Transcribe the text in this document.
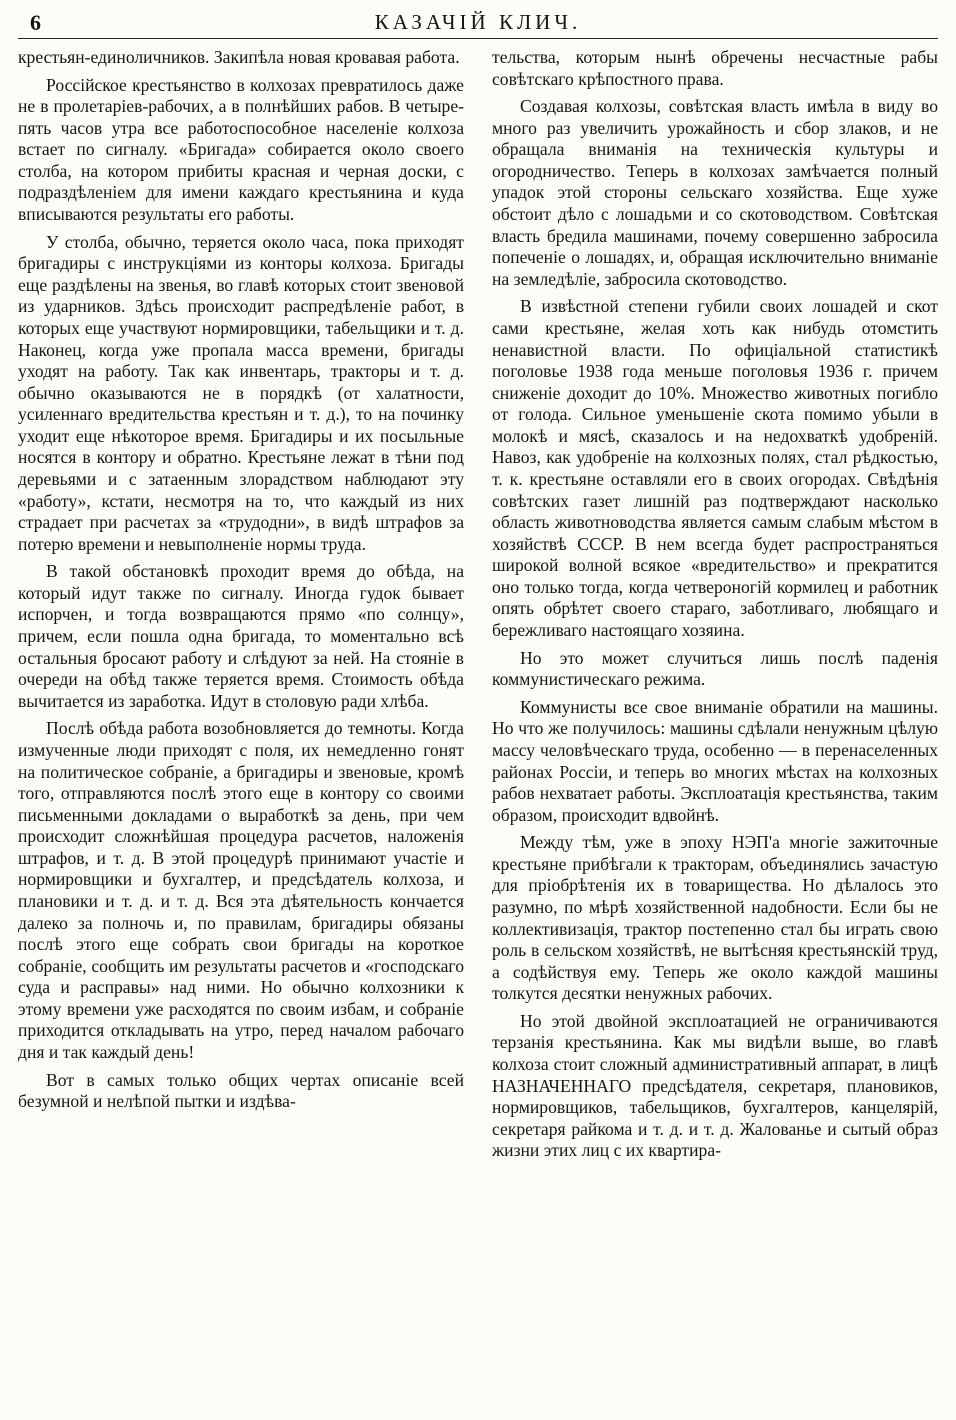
6	КАЗАЧІЙ КЛИЧ.

крестьян-единоличников. Закипѣла новая кровавая работа.

Россійское крестьянство в колхозах превратилось даже не в пролетаріев-рабочих, а в полнѣйших рабов. В четыре-пять часов утра все работоспособное населеніе колхоза встает по сигналу. «Бригада» собирается около своего столба, на котором прибиты красная и черная доски, с подраздѣленіем для имени каждаго крестьянина и куда вписываются результаты его работы.

У столба, обычно, теряется около часа, пока приходят бригадиры с инструкціями из конторы колхоза. Бригады еще раздѣлены на звенья, во главѣ которых стоит звеновой из ударников. Здѣсь происходит распредѣленіе работ, в которых еще участвуют нормировщики, табельщики и т. д. Наконец, когда уже пропала масса времени, бригады уходят на работу. Так как инвентарь, тракторы и т. д. обычно оказываются не в порядкѣ (от халатности, усиленнаго вредительства крестьян и т. д.), то на починку уходит еще нѣкоторое время. Бригадиры и их посыльные носятся в контору и обратно. Крестьяне лежат в тѣни под деревьями и с затаенным злорадством наблюдают эту «работу», кстати, несмотря на то, что каждый из них страдает при расчетах за «трудодни», в видѣ штрафов за потерю времени и невыполненіе нормы труда.

В такой обстановкѣ проходит время до обѣда, на который идут также по сигналу. Иногда гудок бывает испорчен, и тогда возвращаются прямо «по солнцу», причем, если пошла одна бригада, то моментально всѣ остальныя бросают работу и слѣдуют за ней. На стояніе в очереди на обѣд также теряется время. Стоимость обѣда вычитается из заработка. Идут в столовую ради хлѣба.

Послѣ обѣда работа возобновляется до темноты. Когда измученные люди приходят с поля, их немедленно гонят на политическое собраніе, а бригадиры и звеновые, кромѣ того, отправляются послѣ этого еще в контору со своими письменными докладами о выработкѣ за день, при чем происходит сложнѣйшая процедура расчетов, наложенія штрафов, и т. д. В этой процедурѣ принимают участіе и нормировщики и бухгалтер, и предсѣдатель колхоза, и плановики и т. д. и т. д. Вся эта дѣятельность кончается далеко за полночь и, по правилам, бригадиры обязаны послѣ этого еще собрать свои бригады на короткое собраніе, сообщить им результаты расчетов и «господскаго суда и расправы» над ними. Но обычно колхозники к этому времени уже расходятся по своим избам, и собраніе приходится откладывать на утро, перед началом рабочаго дня и так каждый день!

Вот в самых только общих чертах описаніе всей безумной и нелѣпой пытки и издѣва-

тельства, которым нынѣ обречены несчастные рабы совѣтскаго крѣпостного права.

Создавая колхозы, совѣтская власть имѣла в виду во много раз увеличить урожайность и сбор злаков, и не обращала вниманія на техническія культуры и огородничество. Теперь в колхозах замѣчается полный упадок этой стороны сельскаго хозяйства. Еще хуже обстоит дѣло с лошадьми и со скотоводством. Совѣтская власть бредила машинами, почему совершенно забросила попеченіе о лошадях, и, обращая исключительно вниманіе на земледѣліе, забросила скотоводство.

В извѣстной степени губили своих лошадей и скот сами крестьяне, желая хоть как нибудь отомстить ненавистной власти. По офиціальной статистикѣ поголовье 1938 года меньше поголовья 1936 г. причем сниженіе доходит до 10%. Множество животных погибло от голода. Сильное уменьшеніе скота помимо убыли в молокѣ и мясѣ, сказалось и на недохваткѣ удобреній. Навоз, как удобреніе на колхозных полях, стал рѣдкостью, т. к. крестьяне оставляли его в своих огородах. Свѣдѣнія совѣтских газет лишній раз подтверждают насколько область животноводства является самым слабым мѣстом в хозяйствѣ СССР. В нем всегда будет распространяться широкой волной всякое «вредительство» и прекратится оно только тогда, когда четвероногій кормилец и работник опять обрѣтет своего стараго, заботливаго, любящаго и бережливаго настоящаго хозяина.

Но это может случиться лишь послѣ паденія коммунистическаго режима.

Коммунисты все свое вниманіе обратили на машины. Но что же получилось: машины сдѣлали ненужным цѣлую массу человѣческаго труда, особенно — в перенаселенных районах Россіи, и теперь во многих мѣстах на колхозных рабов нехватает работы. Эксплоатація крестьянства, таким образом, происходит вдвойнѣ.

Между тѣм, уже в эпоху НЭП'а многіе зажиточные крестьяне прибѣгали к тракторам, объединялись зачастую для пріобрѣтенія их в товарищества. Но дѣлалось это разумно, по мѣрѣ хозяйственной надобности. Если бы не коллективизація, трактор постепенно стал бы играть свою роль в сельском хозяйствѣ, не вытѣсняя крестьянскій труд, а содѣйствуя ему. Теперь же около каждой машины толкутся десятки ненужных рабочих.

Но этой двойной эксплоатацией не ограничиваются терзанія крестьянина. Как мы видѣли выше, во главѣ колхоза стоит сложный административный аппарат, в лицѣ НАЗНАЧЕННАГО предсѣдателя, секретаря, плановиков, нормировщиков, табельщиков, бухгалтеров, канцелярій, секретаря райкома и т. д. и т. д. Жалованье и сытый образ жизни этих лиц с их квартира-
